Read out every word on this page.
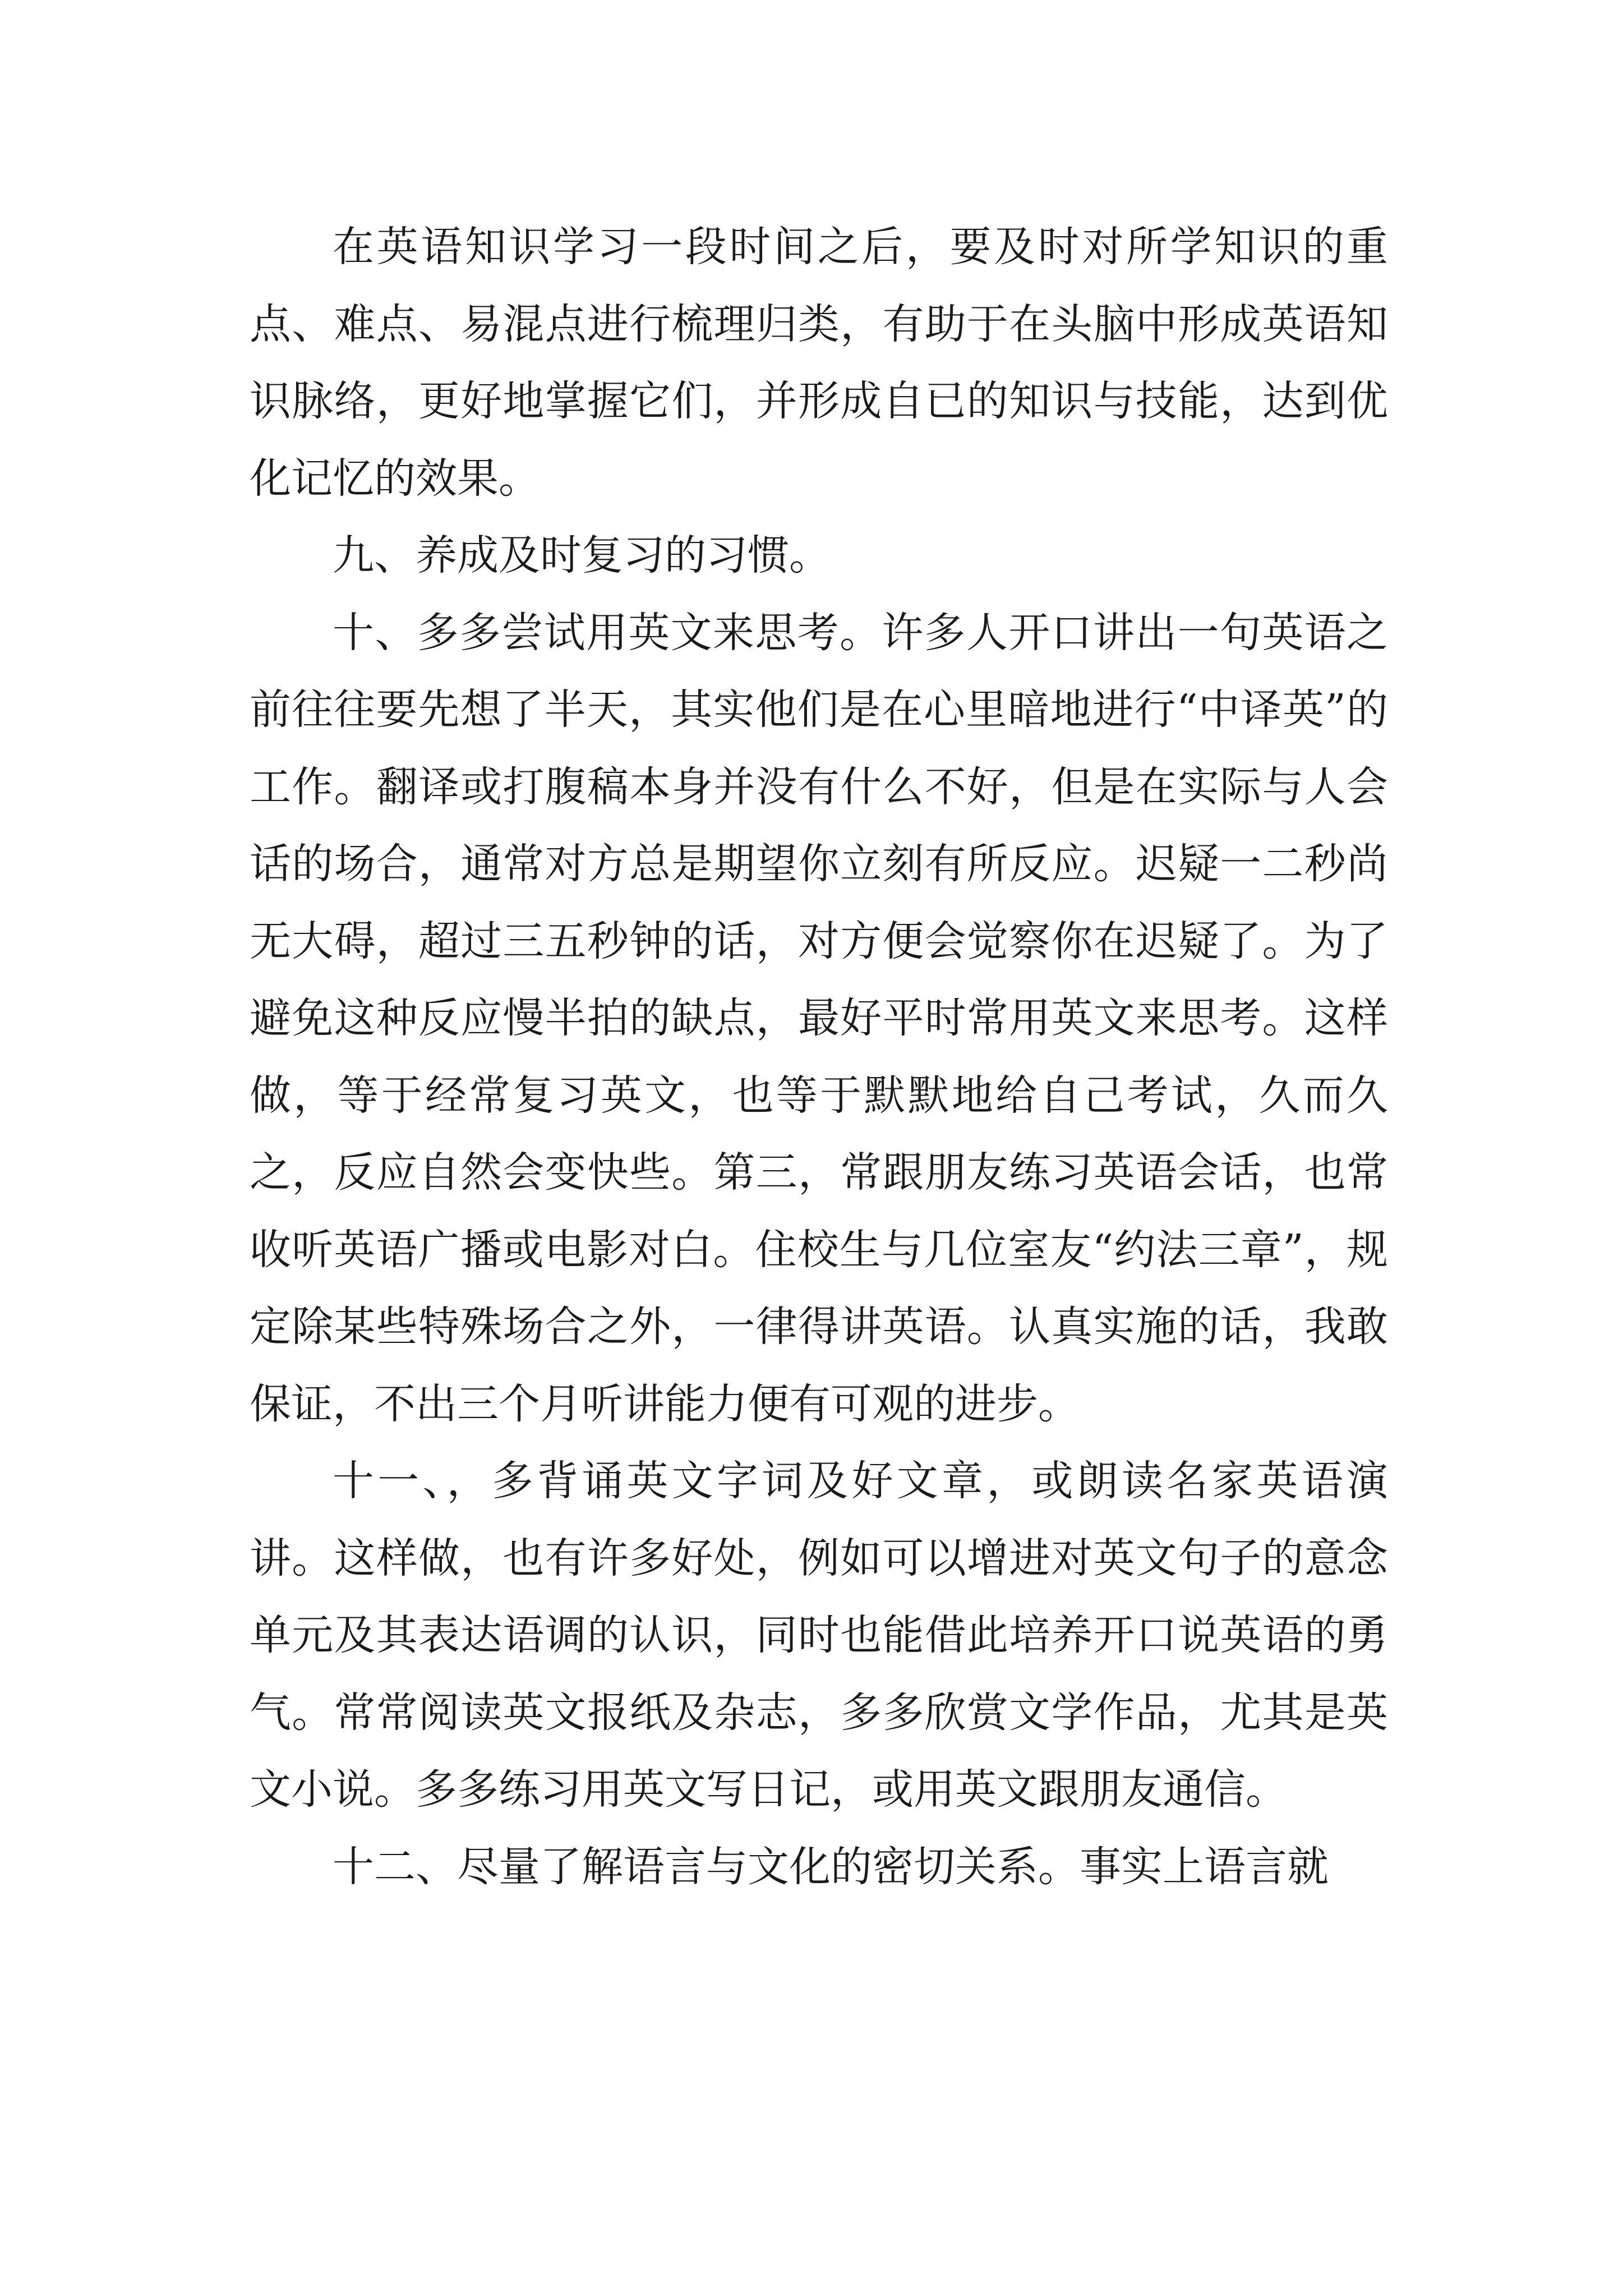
在英语知识学习一段时间之后，要及时对所学知识的重点、难点、易混点进行梳理归类，有助于在头脑中形成英语知识脉络，更好地掌握它们，并形成自已的知识与技能，达到优化记忆的效果。

九、养成及时复习的习惯。

十、多多尝试用英文来思考。许多人开口讲出一句英语之前往往要先想了半天，其实他们是在心里暗地进行“中译英”的工作。翻译或打腹稿本身并没有什么不好，但是在实际与人会话的场合，通常对方总是期望你立刻有所反应。迟疑一二秒尚无大碍，超过三五秒钟的话，对方便会觉察你在迟疑了。为了避免这种反应慢半拍的缺点，最好平时常用英文来思考。这样做，等于经常复习英文，也等于默默地给自己考试，久而久之，反应自然会变快些。第三，常跟朋友练习英语会话，也常收听英语广播或电影对白。住校生与几位室友“约法三章”，规定除某些特殊场合之外，一律得讲英语。认真实施的话，我敢保证，不出三个月听讲能力便有可观的进步。

十一、，多背诵英文字词及好文章，或朗读名家英语演讲。这样做，也有许多好处，例如可以增进对英文句子的意念单元及其表达语调的认识，同时也能借此培养开口说英语的勇气。常常阅读英文报纸及杂志，多多欣赏文学作品，尤其是英文小说。多多练习用英文写日记，或用英文跟朋友通信。

十二、尽量了解语言与文化的密切关系。事实上语言就
